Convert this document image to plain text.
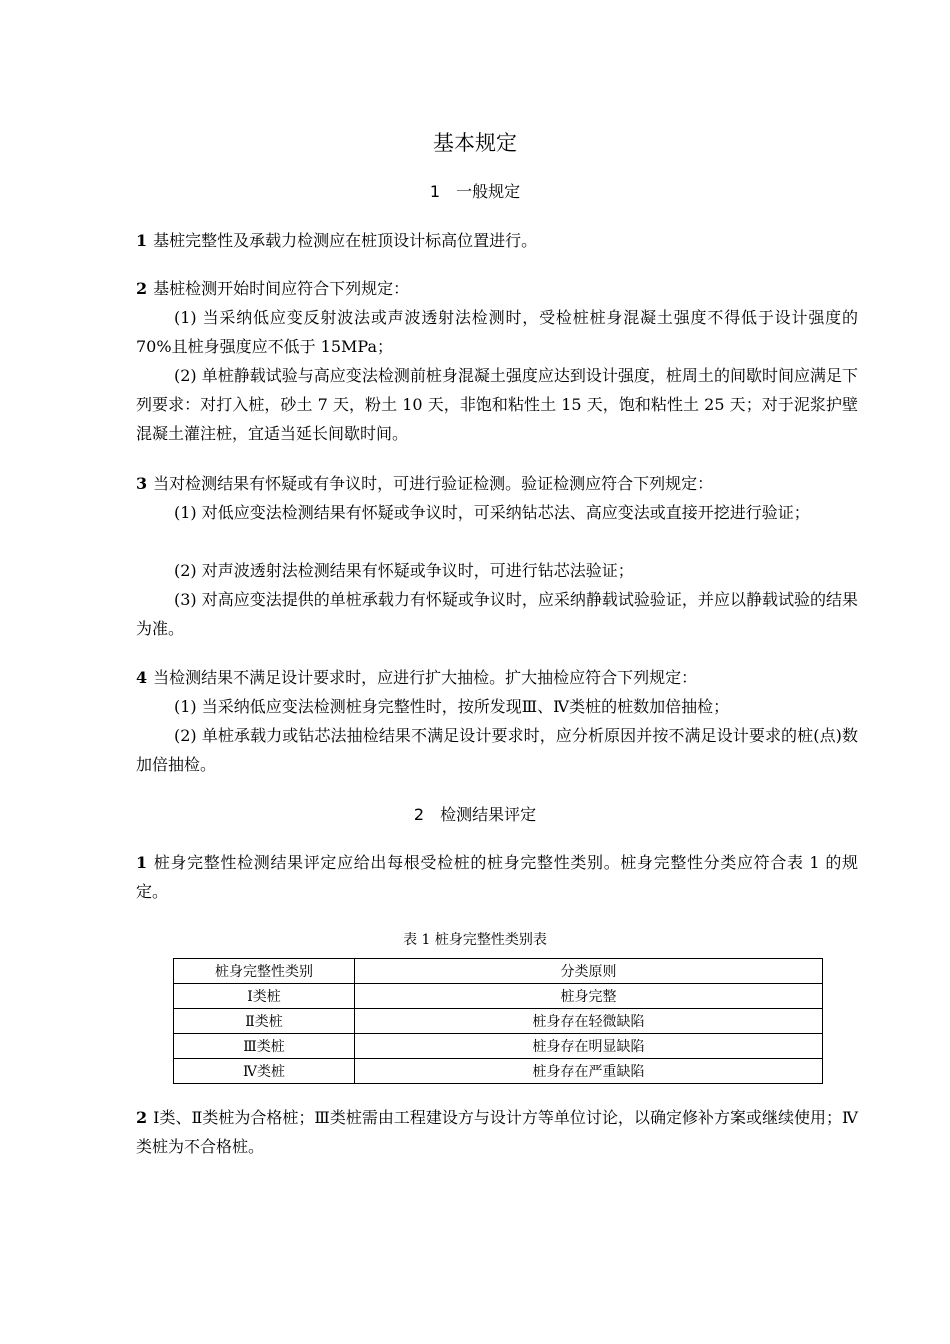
基本规定
1 一般规定
1 基桩完整性及承载力检测应在桩顶设计标高位置进行。
2 基桩检测开始时间应符合下列规定：
(1) 当采纳低应变反射波法或声波透射法检测时，受检桩桩身混凝土强度不得低于设计强度的 70%且桩身强度应不低于 15MPa；
(2) 单桩静载试验与高应变法检测前桩身混凝土强度应达到设计强度，桩周土的间歇时间应满足下列要求：对打入桩，砂土 7 天，粉土 10 天，非饱和粘性土 15 天，饱和粘性土 25 天；对于泥浆护壁混凝土灌注桩，宜适当延长间歇时间。
3 当对检测结果有怀疑或有争议时，可进行验证检测。验证检测应符合下列规定：
(1) 对低应变法检测结果有怀疑或争议时，可采纳钻芯法、高应变法或直接开挖进行验证；
(2) 对声波透射法检测结果有怀疑或争议时，可进行钻芯法验证；
(3) 对高应变法提供的单桩承载力有怀疑或争议时，应采纳静载试验验证，并应以静载试验的结果为准。
4 当检测结果不满足设计要求时，应进行扩大抽检。扩大抽检应符合下列规定：
(1) 当采纳低应变法检测桩身完整性时，按所发现Ⅲ、Ⅳ类桩的桩数加倍抽检；
(2) 单桩承载力或钻芯法抽检结果不满足设计要求时，应分析原因并按不满足设计要求的桩(点)数加倍抽检。
2 检测结果评定
1 桩身完整性检测结果评定应给出每根受检桩的桩身完整性类别。桩身完整性分类应符合表 1 的规定。
表 1 桩身完整性类别表
桩身完整性类别	分类原则
Ⅰ类桩	桩身完整
Ⅱ类桩	桩身存在轻微缺陷
Ⅲ类桩	桩身存在明显缺陷
Ⅳ类桩	桩身存在严重缺陷
2 Ⅰ类、Ⅱ类桩为合格桩；Ⅲ类桩需由工程建设方与设计方等单位讨论，以确定修补方案或继续使用；Ⅳ类桩为不合格桩。
